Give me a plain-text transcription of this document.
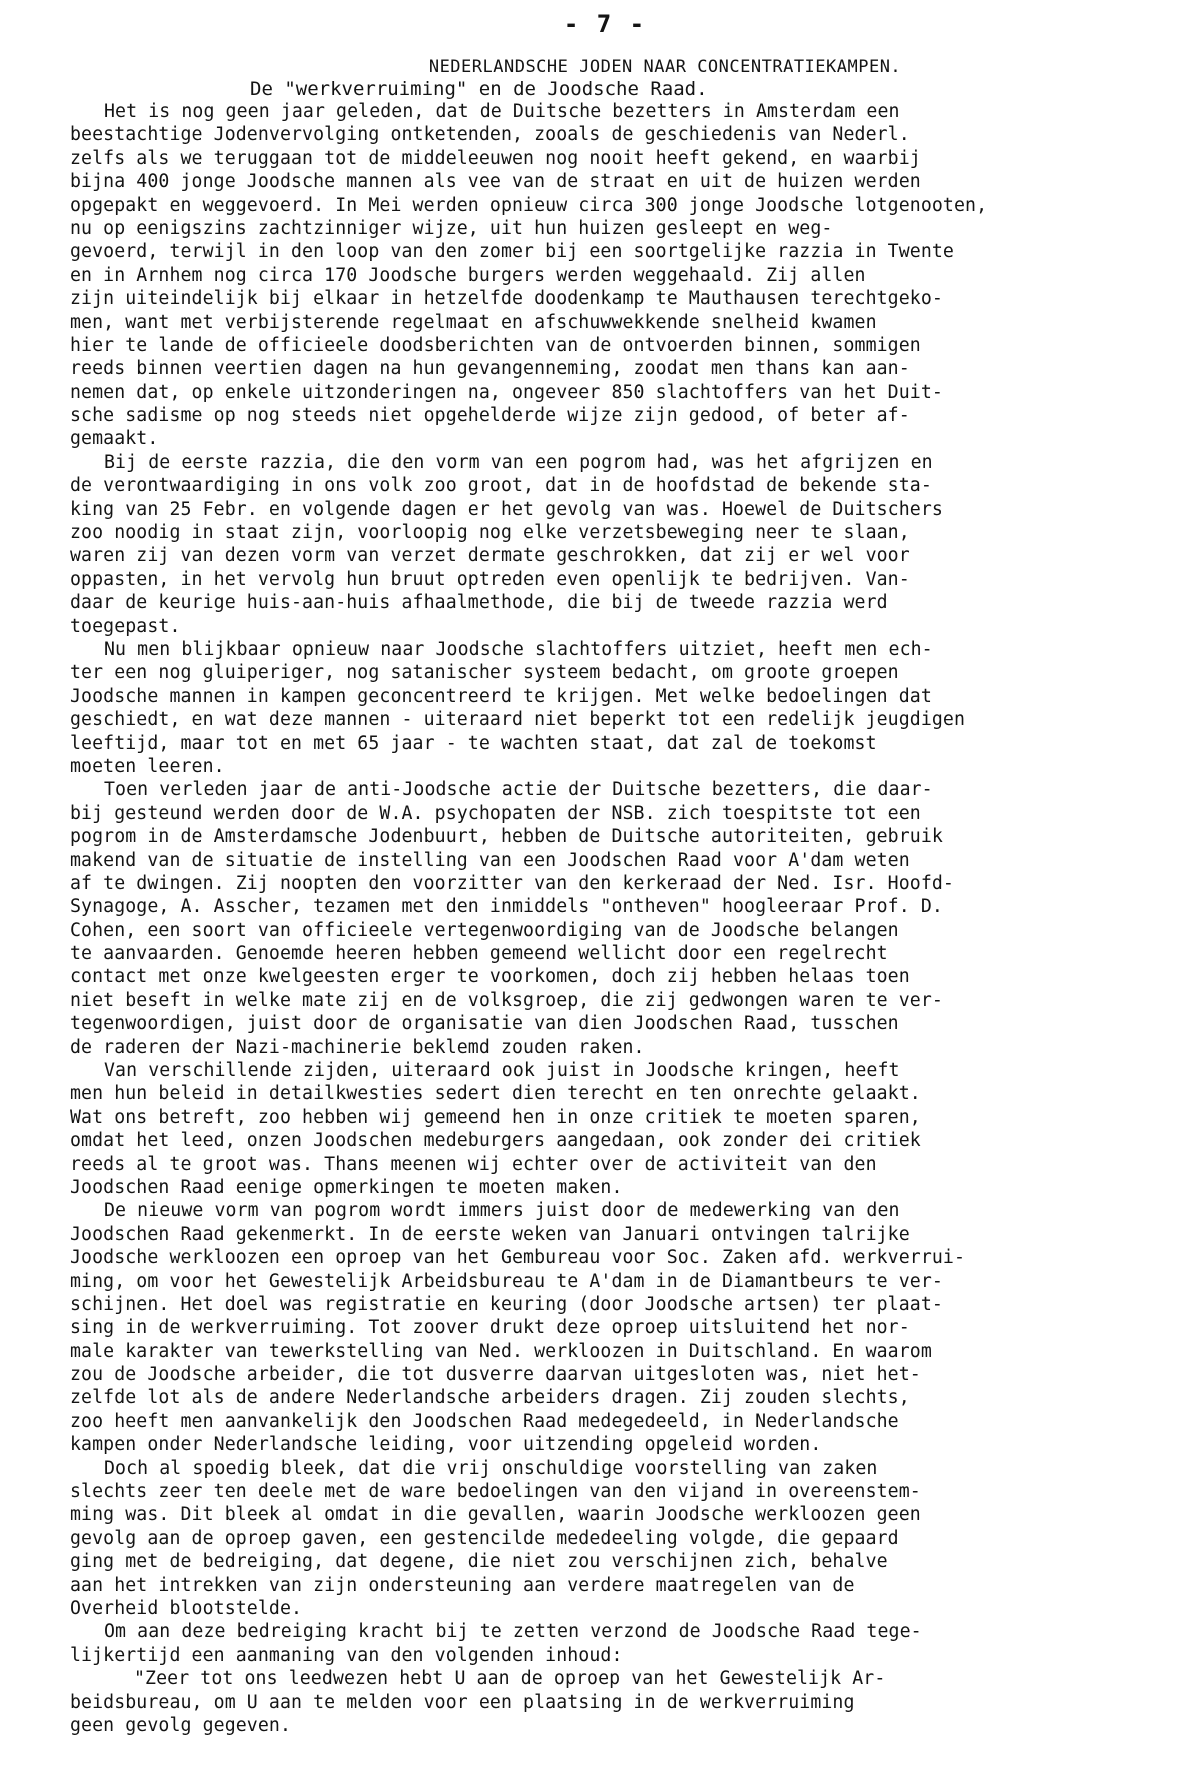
- 7 -
NEDERLANDSCHE JODEN NAAR CONCENTRATIEKAMPEN.
De "werkverruiming" en de Joodsche Raad.
Het is nog geen jaar geleden, dat de Duitsche bezetters in Amsterdam een
beestachtige Jodenvervolging ontketenden, zooals de geschiedenis van Nederl.
zelfs als we teruggaan tot de middeleeuwen nog nooit heeft gekend, en waarbij
bijna 400 jonge Joodsche mannen als vee van de straat en uit de huizen werden
opgepakt en weggevoerd. In Mei werden opnieuw circa 300 jonge Joodsche lotgenooten,
nu op eenigszins zachtzinniger wijze, uit hun huizen gesleept en weg-
gevoerd, terwijl in den loop van den zomer bij een soortgelijke razzia in Twente
en in Arnhem nog circa 170 Joodsche burgers werden weggehaald. Zij allen
zijn uiteindelijk bij elkaar in hetzelfde doodenkamp te Mauthausen terechtgeko-
men, want met verbijsterende regelmaat en afschuwwekkende snelheid kwamen
hier te lande de officieele doodsberichten van de ontvoerden binnen, sommigen
reeds binnen veertien dagen na hun gevangenneming, zoodat men thans kan aan-
nemen dat, op enkele uitzonderingen na, ongeveer 850 slachtoffers van het Duit-
sche sadisme op nog steeds niet opgehelderde wijze zijn gedood, of beter af-
gemaakt.
Bij de eerste razzia, die den vorm van een pogrom had, was het afgrijzen en
de verontwaardiging in ons volk zoo groot, dat in de hoofdstad de bekende sta-
king van 25 Febr. en volgende dagen er het gevolg van was. Hoewel de Duitschers
zoo noodig in staat zijn, voorloopig nog elke verzetsbeweging neer te slaan,
waren zij van dezen vorm van verzet dermate geschrokken, dat zij er wel voor
oppasten, in het vervolg hun bruut optreden even openlijk te bedrijven. Van-
daar de keurige huis-aan-huis afhaalmethode, die bij de tweede razzia werd
toegepast.
Nu men blijkbaar opnieuw naar Joodsche slachtoffers uitziet, heeft men ech-
ter een nog gluiperiger, nog satanischer systeem bedacht, om groote groepen
Joodsche mannen in kampen geconcentreerd te krijgen. Met welke bedoelingen dat
geschiedt, en wat deze mannen - uiteraard niet beperkt tot een redelijk jeugdigen
leeftijd, maar tot en met 65 jaar - te wachten staat, dat zal de toekomst
moeten leeren.
Toen verleden jaar de anti-Joodsche actie der Duitsche bezetters, die daar-
bij gesteund werden door de W.A. psychopaten der NSB. zich toespitste tot een
pogrom in de Amsterdamsche Jodenbuurt, hebben de Duitsche autoriteiten, gebruik
makend van de situatie de instelling van een Joodschen Raad voor A'dam weten
af te dwingen. Zij noopten den voorzitter van den kerkeraad der Ned. Isr. Hoofd-
Synagoge, A. Asscher, tezamen met den inmiddels "ontheven" hoogleeraar Prof. D.
Cohen, een soort van officieele vertegenwoordiging van de Joodsche belangen
te aanvaarden. Genoemde heeren hebben gemeend wellicht door een regelrecht
contact met onze kwelgeesten erger te voorkomen, doch zij hebben helaas toen
niet beseft in welke mate zij en de volksgroep, die zij gedwongen waren te ver-
tegenwoordigen, juist door de organisatie van dien Joodschen Raad, tusschen
de raderen der Nazi-machinerie beklemd zouden raken.
Van verschillende zijden, uiteraard ook juist in Joodsche kringen, heeft
men hun beleid in detailkwesties sedert dien terecht en ten onrechte gelaakt.
Wat ons betreft, zoo hebben wij gemeend hen in onze critiek te moeten sparen,
omdat het leed, onzen Joodschen medeburgers aangedaan, ook zonder dei critiek
reeds al te groot was. Thans meenen wij echter over de activiteit van den
Joodschen Raad eenige opmerkingen te moeten maken.
De nieuwe vorm van pogrom wordt immers juist door de medewerking van den
Joodschen Raad gekenmerkt. In de eerste weken van Januari ontvingen talrijke
Joodsche werkloozen een oproep van het Gembureau voor Soc. Zaken afd. werkverrui-
ming, om voor het Gewestelijk Arbeidsbureau te A'dam in de Diamantbeurs te ver-
schijnen. Het doel was registratie en keuring (door Joodsche artsen) ter plaat-
sing in de werkverruiming. Tot zoover drukt deze oproep uitsluitend het nor-
male karakter van tewerkstelling van Ned. werkloozen in Duitschland. En waarom
zou de Joodsche arbeider, die tot dusverre daarvan uitgesloten was, niet het-
zelfde lot als de andere Nederlandsche arbeiders dragen. Zij zouden slechts,
zoo heeft men aanvankelijk den Joodschen Raad medegedeeld, in Nederlandsche
kampen onder Nederlandsche leiding, voor uitzending opgeleid worden.
Doch al spoedig bleek, dat die vrij onschuldige voorstelling van zaken
slechts zeer ten deele met de ware bedoelingen van den vijand in overeenstem-
ming was. Dit bleek al omdat in die gevallen, waarin Joodsche werkloozen geen
gevolg aan de oproep gaven, een gestencilde mededeeling volgde, die gepaard
ging met de bedreiging, dat degene, die niet zou verschijnen zich, behalve
aan het intrekken van zijn ondersteuning aan verdere maatregelen van de
Overheid blootstelde.
Om aan deze bedreiging kracht bij te zetten verzond de Joodsche Raad tege-
lijkertijd een aanmaning van den volgenden inhoud:
"Zeer tot ons leedwezen hebt U aan de oproep van het Gewestelijk Ar-
beidsbureau, om U aan te melden voor een plaatsing in de werkverruiming
geen gevolg gegeven.
